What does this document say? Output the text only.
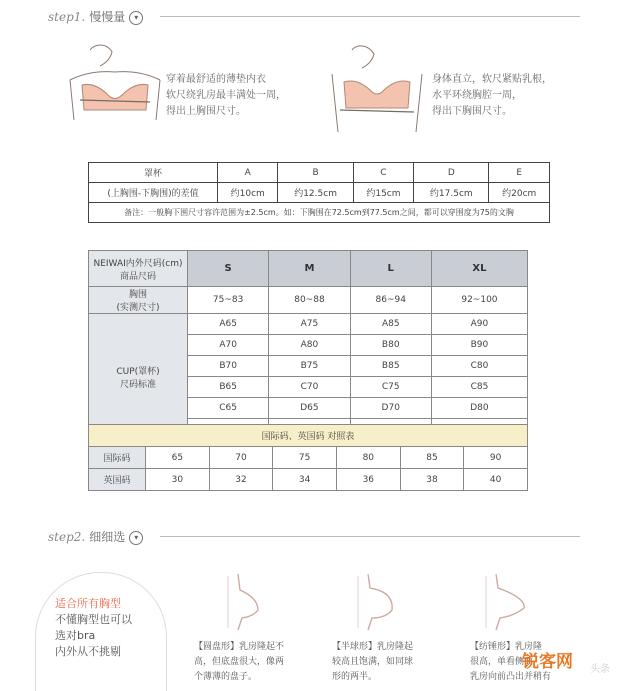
step1. 慢慢量 ▾
穿着最舒适的薄垫内衣
软尺绕乳房最丰满处一周，
得出上胸围尺寸。
身体直立，软尺紧贴乳根，
水平环绕胸腔一周，
得出下胸围尺寸。
罩杯	A	B	C	D	E
(上胸围-下胸围)的差值	约10cm	约12.5cm	约15cm	约17.5cm	约20cm
备注：一般胸下围尺寸容许范围为±2.5cm。如：下胸围在72.5cm到77.5cm之间，都可以穿围度为75的文胸					
NEIWAI内外尺码(cm)
商品尺码	S	M	L	XL

胸围
(实测尺寸)	75~83	80~88	86~94	92~100

CUP(罩杯)
尺码标准	A65	A75	A85	A90
	A70	A80	B80	B90
	B70	B75	B85	C80
	B65	C70	C75	C85
	C65	D65	D70	D80

国际码、英国码 对照表						
国际码	65	70	75	80	85	90
英国码	30	32	34	36	38	40
step2. 细细选 ▾
适合所有胸型
不懂胸型也可以
选对bra
内外从不挑剔	【圆盘形】乳房隆起不
高，但底盘很大，像两
个薄薄的盘子。
【半球形】乳房隆起
较高且饱满，如同球
形的两半。
【纺锤形】乳房隆
很高，单看侧面
乳房向前凸出并稍有
锐客网 头条
